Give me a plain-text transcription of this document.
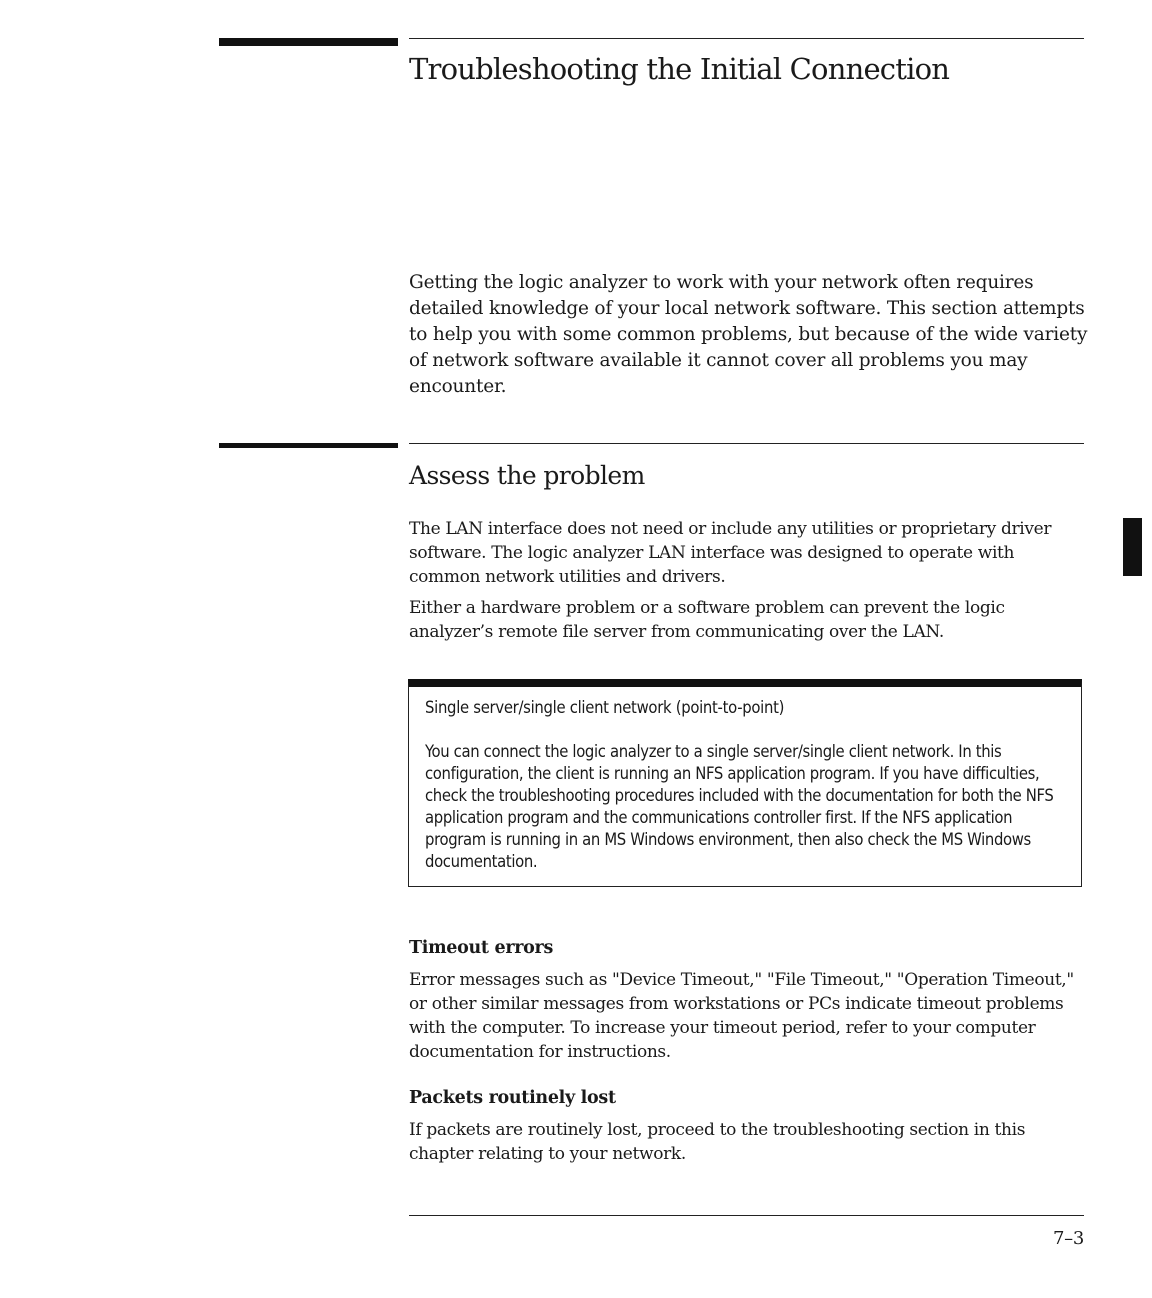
Troubleshooting the Initial Connection

Getting the logic analyzer to work with your network often requires detailed knowledge of your local network software. This section attempts to help you with some common problems, but because of the wide variety of network software available it cannot cover all problems you may encounter.

Assess the problem

The LAN interface does not need or include any utilities or proprietary driver software. The logic analyzer LAN interface was designed to operate with common network utilities and drivers.

Either a hardware problem or a software problem can prevent the logic analyzer’s remote file server from communicating over the LAN.

Single server/single client network (point-to-point)

You can connect the logic analyzer to a single server/single client network. In this configuration, the client is running an NFS application program. If you have difficulties, check the troubleshooting procedures included with the documentation for both the NFS application program and the communications controller first. If the NFS application program is running in an MS Windows environment, then also check the MS Windows documentation.

Timeout errors

Error messages such as "Device Timeout," "File Timeout," "Operation Timeout," or other similar messages from workstations or PCs indicate timeout problems with the computer. To increase your timeout period, refer to your computer documentation for instructions.

Packets routinely lost

If packets are routinely lost, proceed to the troubleshooting section in this chapter relating to your network.

7–3
